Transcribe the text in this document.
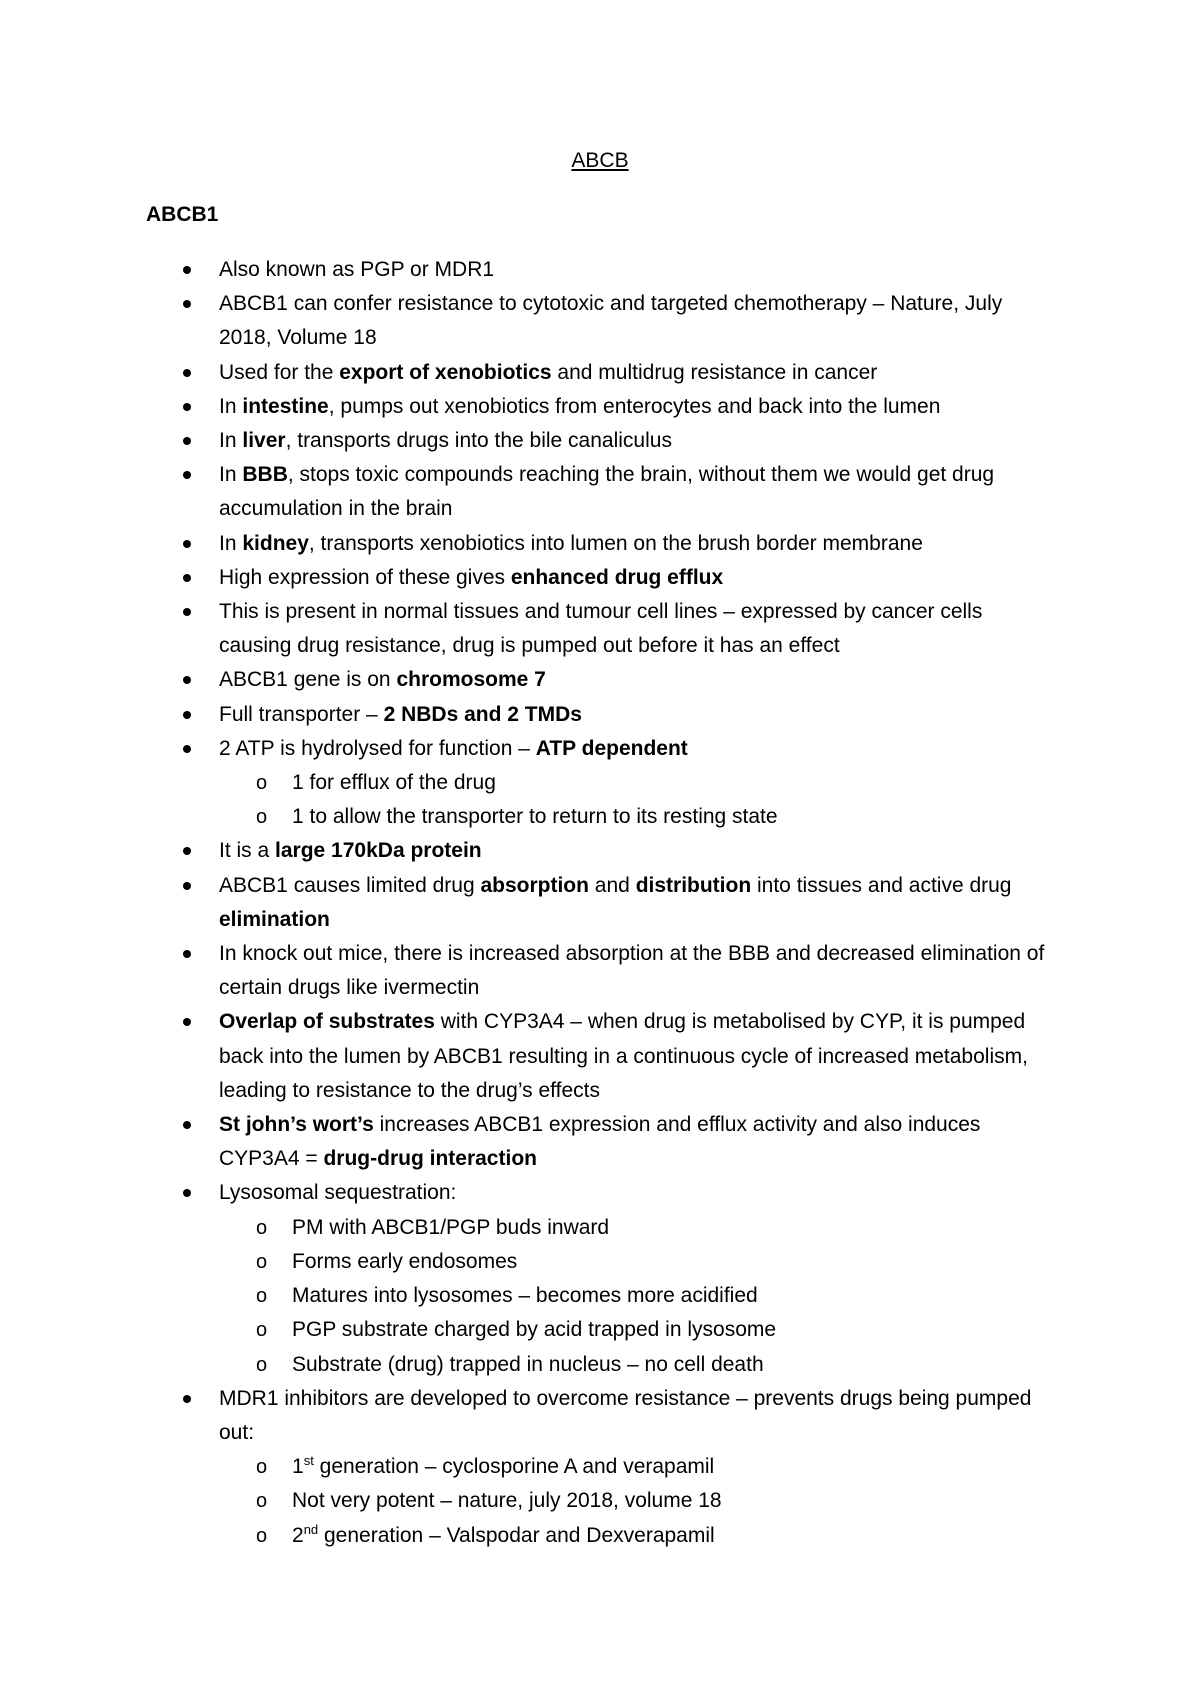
ABCB
ABCB1
Also known as PGP or MDR1
ABCB1 can confer resistance to cytotoxic and targeted chemotherapy – Nature, July 2018, Volume 18
Used for the export of xenobiotics and multidrug resistance in cancer
In intestine, pumps out xenobiotics from enterocytes and back into the lumen
In liver, transports drugs into the bile canaliculus
In BBB, stops toxic compounds reaching the brain, without them we would get drug accumulation in the brain
In kidney, transports xenobiotics into lumen on the brush border membrane
High expression of these gives enhanced drug efflux
This is present in normal tissues and tumour cell lines – expressed by cancer cells causing drug resistance, drug is pumped out before it has an effect
ABCB1 gene is on chromosome 7
Full transporter – 2 NBDs and 2 TMDs
2 ATP is hydrolysed for function – ATP dependent
o 1 for efflux of the drug
o 1 to allow the transporter to return to its resting state
It is a large 170kDa protein
ABCB1 causes limited drug absorption and distribution into tissues and active drug elimination
In knock out mice, there is increased absorption at the BBB and decreased elimination of certain drugs like ivermectin
Overlap of substrates with CYP3A4 – when drug is metabolised by CYP, it is pumped back into the lumen by ABCB1 resulting in a continuous cycle of increased metabolism, leading to resistance to the drug’s effects
St john’s wort’s increases ABCB1 expression and efflux activity and also induces CYP3A4 = drug-drug interaction
Lysosomal sequestration:
o PM with ABCB1/PGP buds inward
o Forms early endosomes
o Matures into lysosomes – becomes more acidified
o PGP substrate charged by acid trapped in lysosome
o Substrate (drug) trapped in nucleus – no cell death
MDR1 inhibitors are developed to overcome resistance – prevents drugs being pumped out:
o 1st generation – cyclosporine A and verapamil
o Not very potent – nature, july 2018, volume 18
o 2nd generation – Valspodar and Dexverapamil
